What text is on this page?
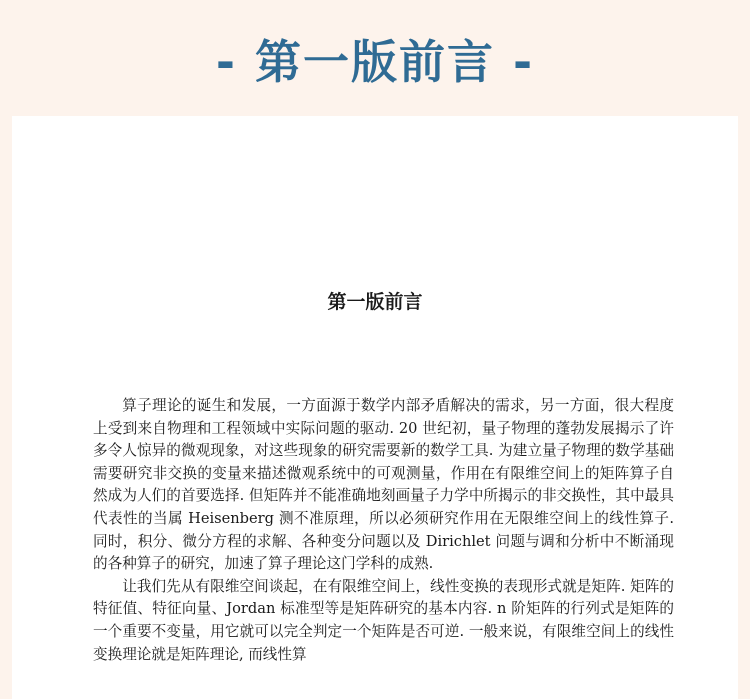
- 第一版前言 -
第一版前言

算子理论的诞生和发展，一方面源于数学内部矛盾解决的需求，另一方面，很大程度上受到来自物理和工程领域中实际问题的驱动. 20 世纪初，量子物理的蓬勃发展揭示了许多令人惊异的微观现象，对这些现象的研究需要新的数学工具. 为建立量子物理的数学基础需要研究非交换的变量来描述微观系统中的可观测量，作用在有限维空间上的矩阵算子自然成为人们的首要选择. 但矩阵并不能准确地刻画量子力学中所揭示的非交换性，其中最具代表性的当属 Heisenberg 测不准原理，所以必须研究作用在无限维空间上的线性算子. 同时，积分、微分方程的求解、各种变分问题以及 Dirichlet 问题与调和分析中不断涌现的各种算子的研究，加速了算子理论这门学科的成熟.

让我们先从有限维空间谈起，在有限维空间上，线性变换的表现形式就是矩阵. 矩阵的特征值、特征向量、Jordan 标准型等是矩阵研究的基本内容. n 阶矩阵的行列式是矩阵的一个重要不变量，用它就可以完全判定一个矩阵是否可逆. 一般来说，有限维空间上的线性变换理论就是矩阵理论, 而线性算
